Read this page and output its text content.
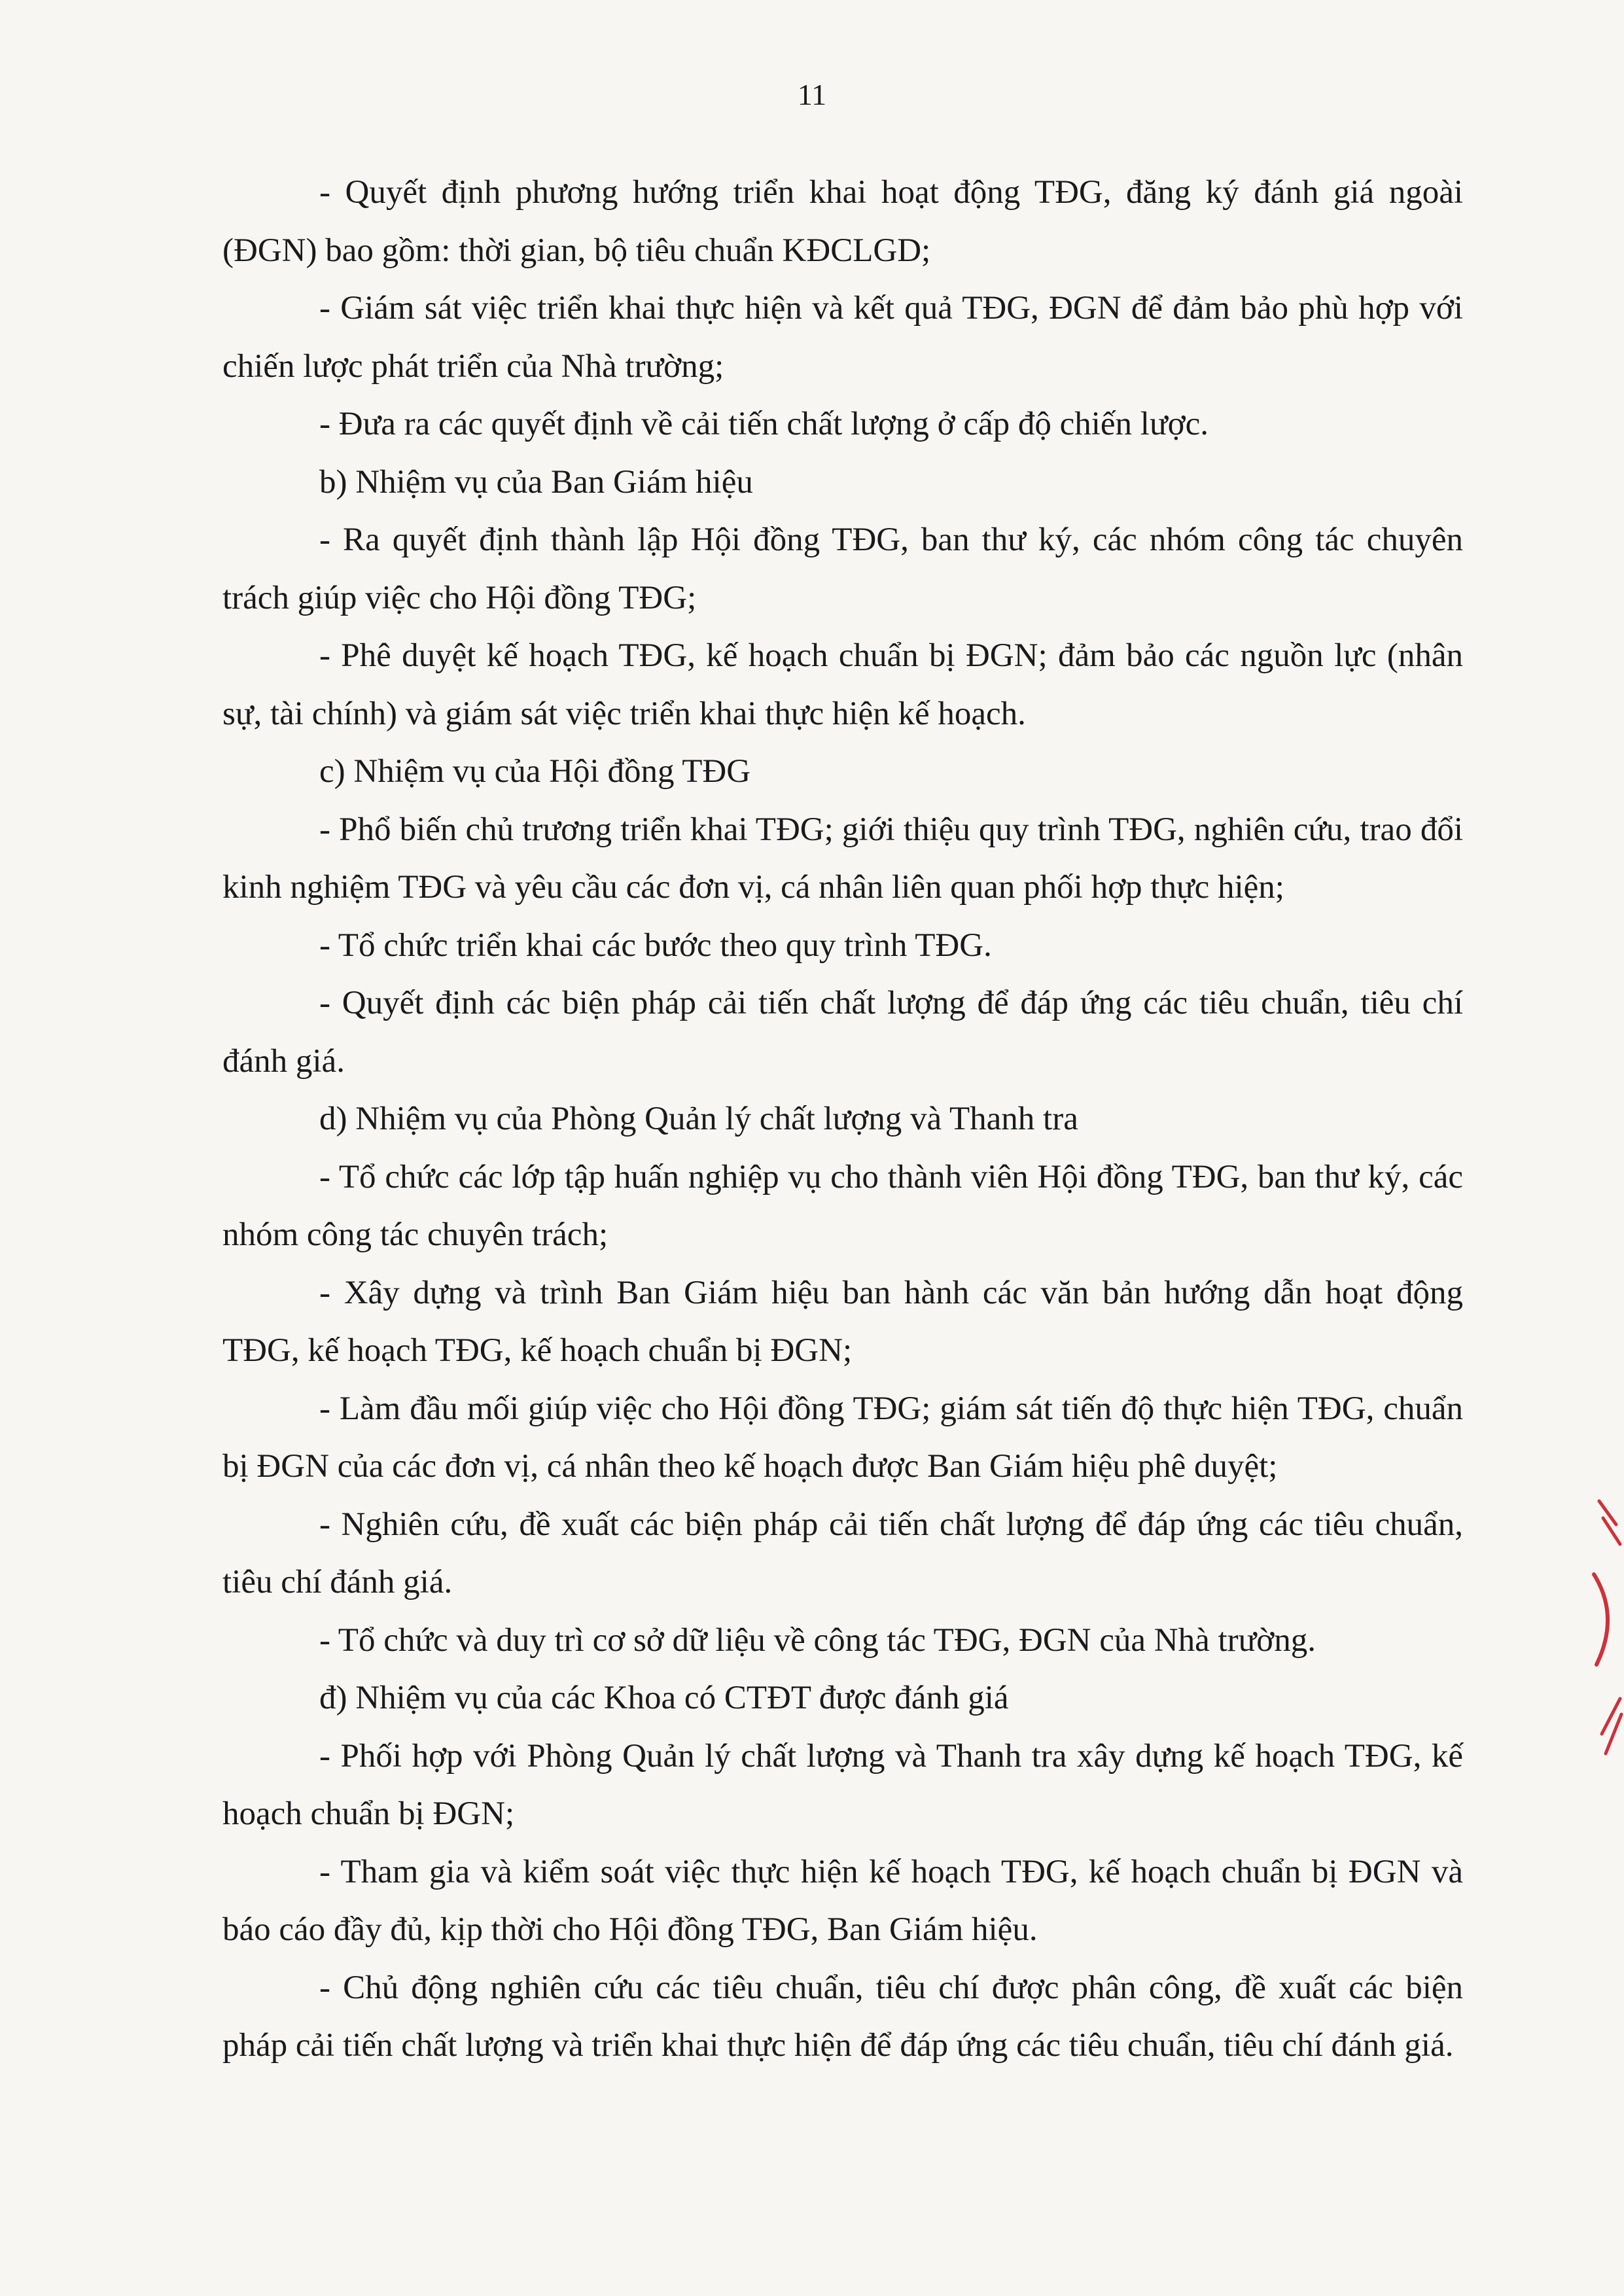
11

- Quyết định phương hướng triển khai hoạt động TĐG, đăng ký đánh giá ngoài (ĐGN) bao gồm: thời gian, bộ tiêu chuẩn KĐCLGD;

- Giám sát việc triển khai thực hiện và kết quả TĐG, ĐGN để đảm bảo phù hợp với chiến lược phát triển của Nhà trường;

- Đưa ra các quyết định về cải tiến chất lượng ở cấp độ chiến lược.

b) Nhiệm vụ của Ban Giám hiệu

- Ra quyết định thành lập Hội đồng TĐG, ban thư ký, các nhóm công tác chuyên trách giúp việc cho Hội đồng TĐG;

- Phê duyệt kế hoạch TĐG, kế hoạch chuẩn bị ĐGN; đảm bảo các nguồn lực (nhân sự, tài chính) và giám sát việc triển khai thực hiện kế hoạch.

c) Nhiệm vụ của Hội đồng TĐG

- Phổ biến chủ trương triển khai TĐG; giới thiệu quy trình TĐG, nghiên cứu, trao đổi kinh nghiệm TĐG và yêu cầu các đơn vị, cá nhân liên quan phối hợp thực hiện;

- Tổ chức triển khai các bước theo quy trình TĐG.

- Quyết định các biện pháp cải tiến chất lượng để đáp ứng các tiêu chuẩn, tiêu chí đánh giá.

d) Nhiệm vụ của Phòng Quản lý chất lượng và Thanh tra

- Tổ chức các lớp tập huấn nghiệp vụ cho thành viên Hội đồng TĐG, ban thư ký, các nhóm công tác chuyên trách;

- Xây dựng và trình Ban Giám hiệu ban hành các văn bản hướng dẫn hoạt động TĐG, kế hoạch TĐG, kế hoạch chuẩn bị ĐGN;

- Làm đầu mối giúp việc cho Hội đồng TĐG; giám sát tiến độ thực hiện TĐG, chuẩn bị ĐGN của các đơn vị, cá nhân theo kế hoạch được Ban Giám hiệu phê duyệt;

- Nghiên cứu, đề xuất các biện pháp cải tiến chất lượng để đáp ứng các tiêu chuẩn, tiêu chí đánh giá.

- Tổ chức và duy trì cơ sở dữ liệu về công tác TĐG, ĐGN của Nhà trường.

đ) Nhiệm vụ của các Khoa có CTĐT được đánh giá

- Phối hợp với Phòng Quản lý chất lượng và Thanh tra xây dựng kế hoạch TĐG, kế hoạch chuẩn bị ĐGN;

- Tham gia và kiểm soát việc thực hiện kế hoạch TĐG, kế hoạch chuẩn bị ĐGN và báo cáo đầy đủ, kịp thời cho Hội đồng TĐG, Ban Giám hiệu.

- Chủ động nghiên cứu các tiêu chuẩn, tiêu chí được phân công, đề xuất các biện pháp cải tiến chất lượng và triển khai thực hiện để đáp ứng các tiêu chuẩn, tiêu chí đánh giá.
